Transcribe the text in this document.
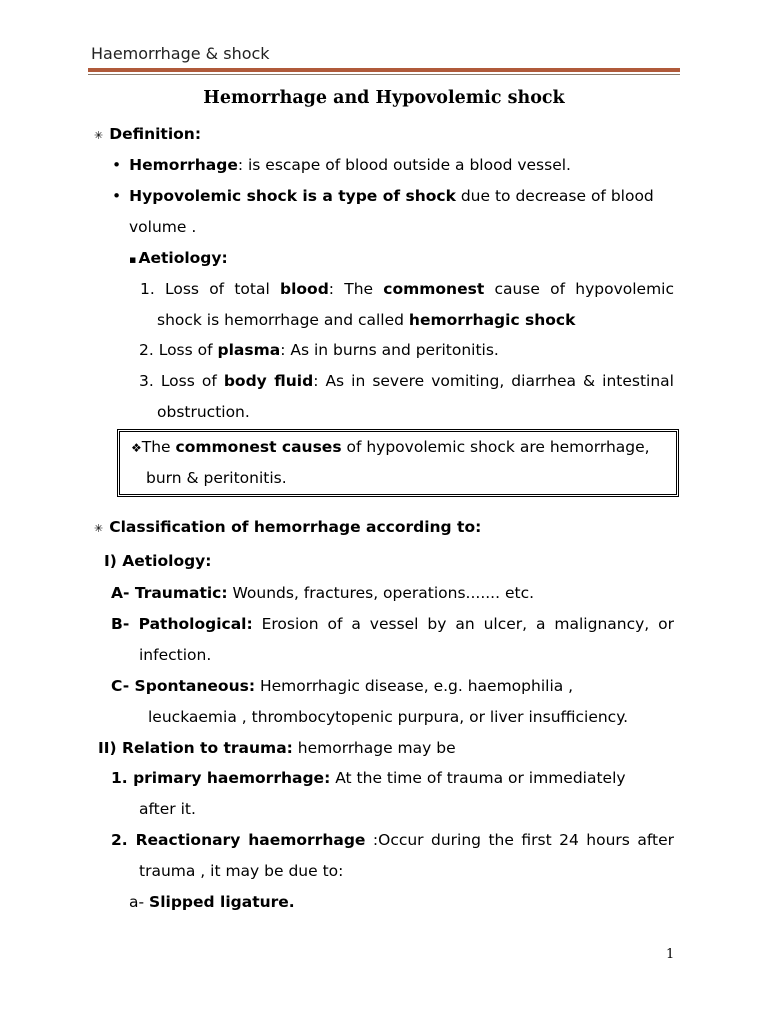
Haemorrhage & shock
Hemorrhage and Hypovolemic shock
✳ Definition:
• Hemorrhage: is escape of blood outside a blood vessel.
• Hypovolemic shock is a type of shock due to decrease of blood
volume .
▪ Aetiology:
1. Loss of total blood: The commonest cause of hypovolemic
shock is hemorrhage and called hemorrhagic shock
2. Loss of plasma: As in burns and peritonitis.
3. Loss of body fluid: As in severe vomiting, diarrhea & intestinal
obstruction.
❖The commonest causes of hypovolemic shock are hemorrhage,
burn & peritonitis.
✳ Classification of hemorrhage according to:
I) Aetiology:
A- Traumatic: Wounds, fractures, operations....... etc.
B- Pathological: Erosion of a vessel by an ulcer, a malignancy, or
infection.
C- Spontaneous: Hemorrhagic disease, e.g. haemophilia ,
leuckaemia , thrombocytopenic purpura, or liver insufficiency.
II) Relation to trauma: hemorrhage may be
1. primary haemorrhage: At the time of trauma or immediately
after it.
2. Reactionary haemorrhage :Occur during the first 24 hours after
trauma , it may be due to:
a- Slipped ligature.
1
